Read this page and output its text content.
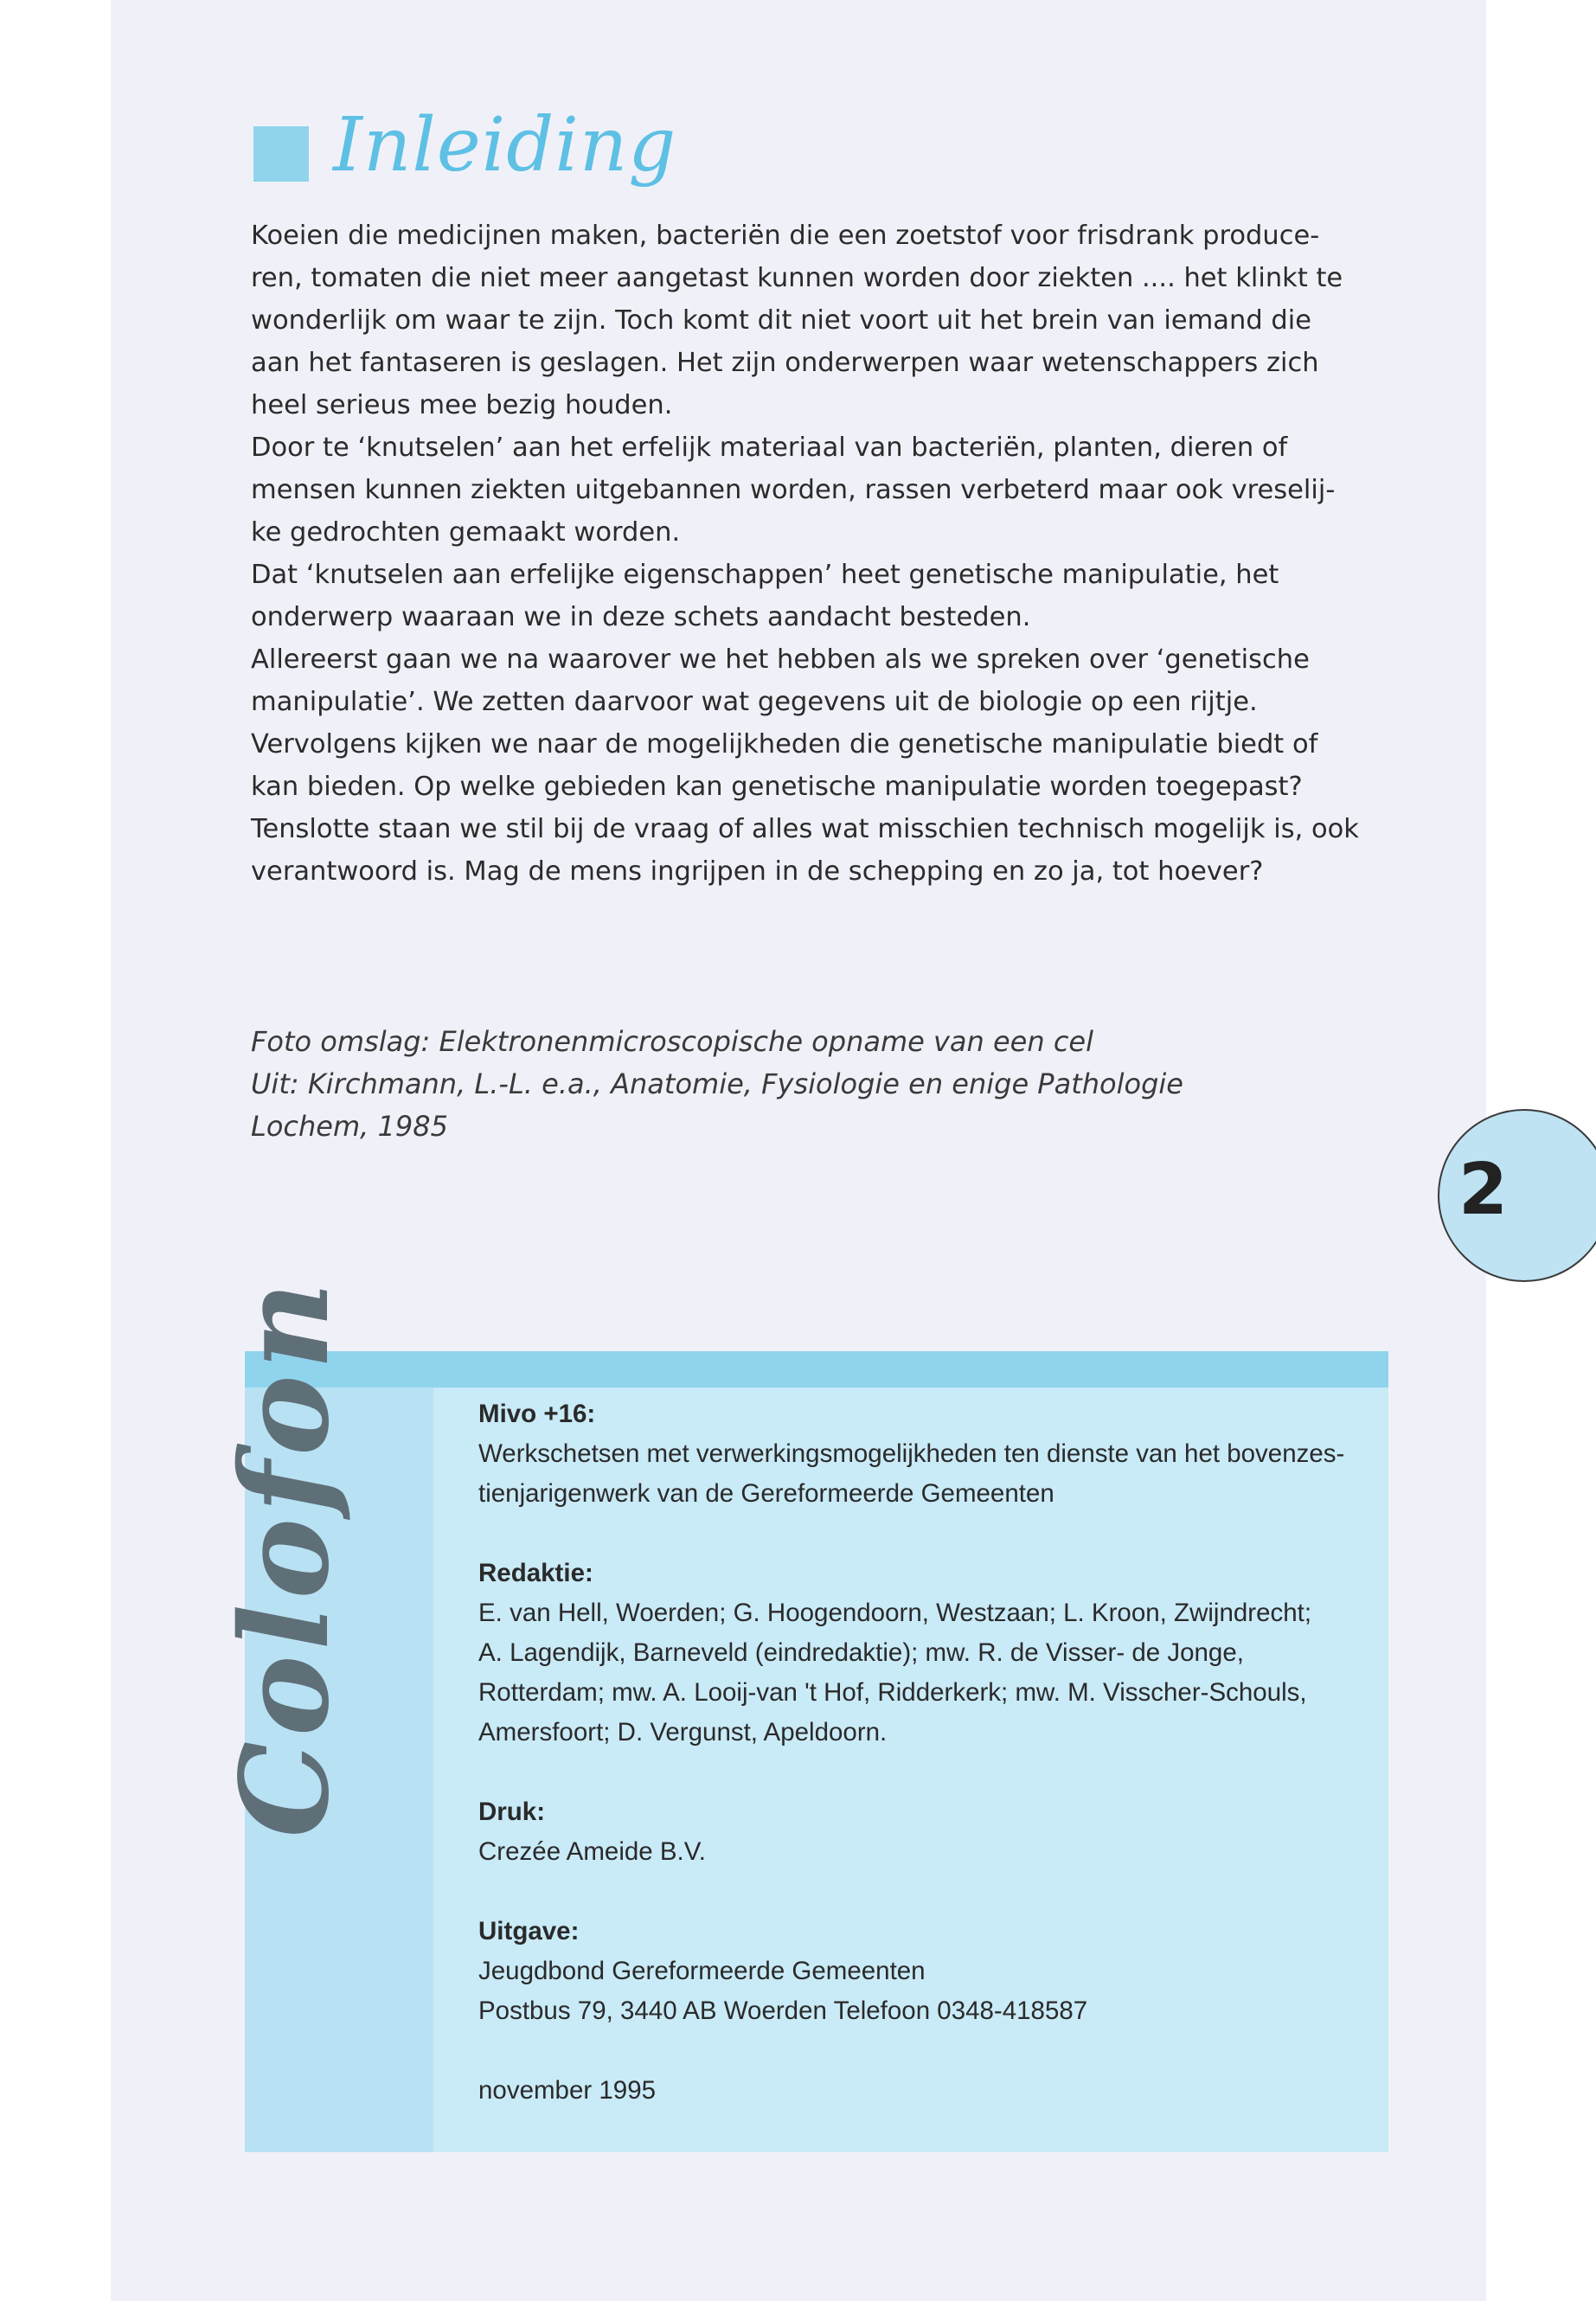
Inleiding

Koeien die medicijnen maken, bacteriën die een zoetstof voor frisdrank produce-

ren, tomaten die niet meer aangetast kunnen worden door ziekten .... het klinkt te

wonderlijk om waar te zijn. Toch komt dit niet voort uit het brein van iemand die

aan het fantaseren is geslagen. Het zijn onderwerpen waar wetenschappers zich

heel serieus mee bezig houden.

Door te ‘knutselen’ aan het erfelijk materiaal van bacteriën, planten, dieren of

mensen kunnen ziekten uitgebannen worden, rassen verbeterd maar ook vreselij-

ke gedrochten gemaakt worden.

Dat ‘knutselen aan erfelijke eigenschappen’ heet genetische manipulatie, het

onderwerp waaraan we in deze schets aandacht besteden.

Allereerst gaan we na waarover we het hebben als we spreken over ‘genetische

manipulatie’. We zetten daarvoor wat gegevens uit de biologie op een rijtje.

Vervolgens kijken we naar de mogelijkheden die genetische manipulatie biedt of

kan bieden. Op welke gebieden kan genetische manipulatie worden toegepast?

Tenslotte staan we stil bij de vraag of alles wat misschien technisch mogelijk is, ook

verantwoord is. Mag de mens ingrijpen in de schepping en zo ja, tot hoever?

Foto omslag: Elektronenmicroscopische opname van een cel
Uit: Kirchmann, L.-L. e.a., Anatomie, Fysiologie en enige Pathologie
Lochem, 1985
2
Colofon	Mivo +16:
Werkschetsen met verwerkingsmogelijkheden ten dienste van het bovenzes-
tienjarigenwerk van de Gereformeerde Gemeenten
Redaktie:
E. van Hell, Woerden; G. Hoogendoorn, Westzaan; L. Kroon, Zwijndrecht;
A. Lagendijk, Barneveld (eindredaktie); mw. R. de Visser- de Jonge,
Rotterdam; mw. A. Looij-van 't Hof, Ridderkerk; mw. M. Visscher-Schouls,
Amersfoort; D. Vergunst, Apeldoorn.
Druk:
Crezée Ameide B.V.
Uitgave:
Jeugdbond Gereformeerde Gemeenten
Postbus 79, 3440 AB Woerden Telefoon 0348-418587
november 1995
